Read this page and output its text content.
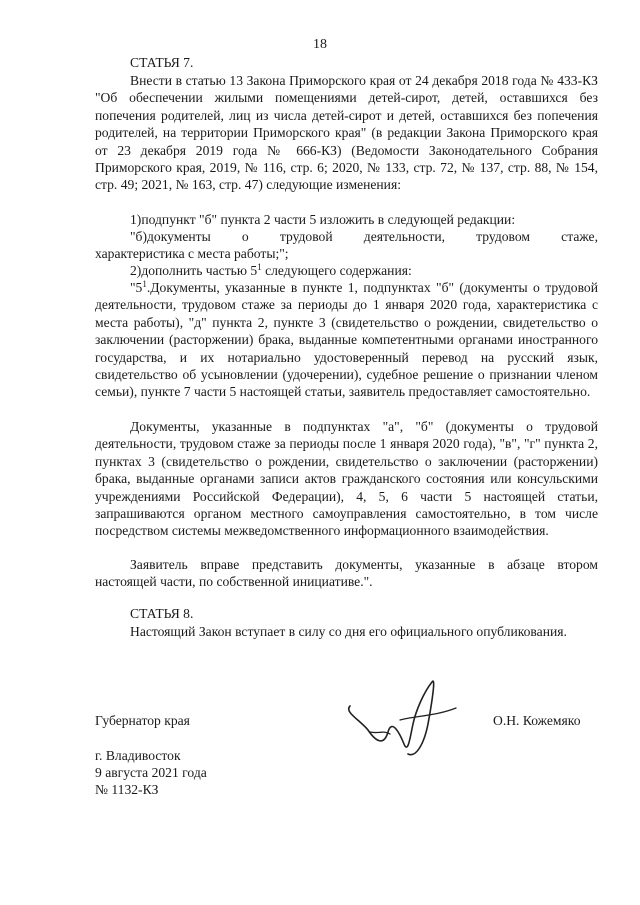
18
СТАТЬЯ 7.
Внести в статью 13 Закона Приморского края от 24 декабря 2018 года № 433-КЗ "Об обеспечении жилыми помещениями детей-сирот, детей, оставшихся без попечения родителей, лиц из числа детей-сирот и детей, оставшихся без попечения родителей, на территории Приморского края" (в редакции Закона Приморского края от 23 декабря 2019 года № 666-КЗ) (Ведомости Законодательного Собрания Приморского края, 2019, № 116, стр. 6; 2020, № 133, стр. 72, № 137, стр. 88, № 154, стр. 49; 2021, № 163, стр. 47) следующие изменения:
1)подпункт "б" пункта 2 части 5 изложить в следующей редакции:
"б)документы о трудовой деятельности, трудовом стаже,
характеристика с места работы;";
2)дополнить частью $5^1$ следующего содержания:
"$5^1.Документы$, указанные в пункте 1, подпунктах "б" (документы о трудовой деятельности, трудовом стаже за периоды до 1 января 2020 года, характеристика с места работы), "д" пункта 2, пункте 3 (свидетельство о рождении, свидетельство о заключении (расторжении) брака, выданные компетентными органами иностранного государства, и их нотариально удостоверенный перевод на русский язык, свидетельство об усыновлении (удочерении), судебное решение о признании членом семьи), пункте 7 части 5 настоящей статьи, заявитель предоставляет самостоятельно.
Документы, указанные в подпунктах "а", "б" (документы о трудовой деятельности, трудовом стаже за периоды после 1 января 2020 года), "в", "г" пункта 2, пунктах 3 (свидетельство о рождении, свидетельство о заключении (расторжении) брака, выданные органами записи актов гражданского состояния или консульскими учреждениями Российской Федерации), 4, 5, 6 части 5 настоящей статьи, запрашиваются органом местного самоуправления самостоятельно, в том числе посредством системы межведомственного информационного взаимодействия.
Заявитель вправе представить документы, указанные в абзаце втором настоящей части, по собственной инициативе.".
СТАТЬЯ 8.
Настоящий Закон вступает в силу со дня его официального опубликования.
Губернатор края	О.Н. Кожемяко
г. Владивосток
9 августа 2021 года
№ 1132-КЗ
